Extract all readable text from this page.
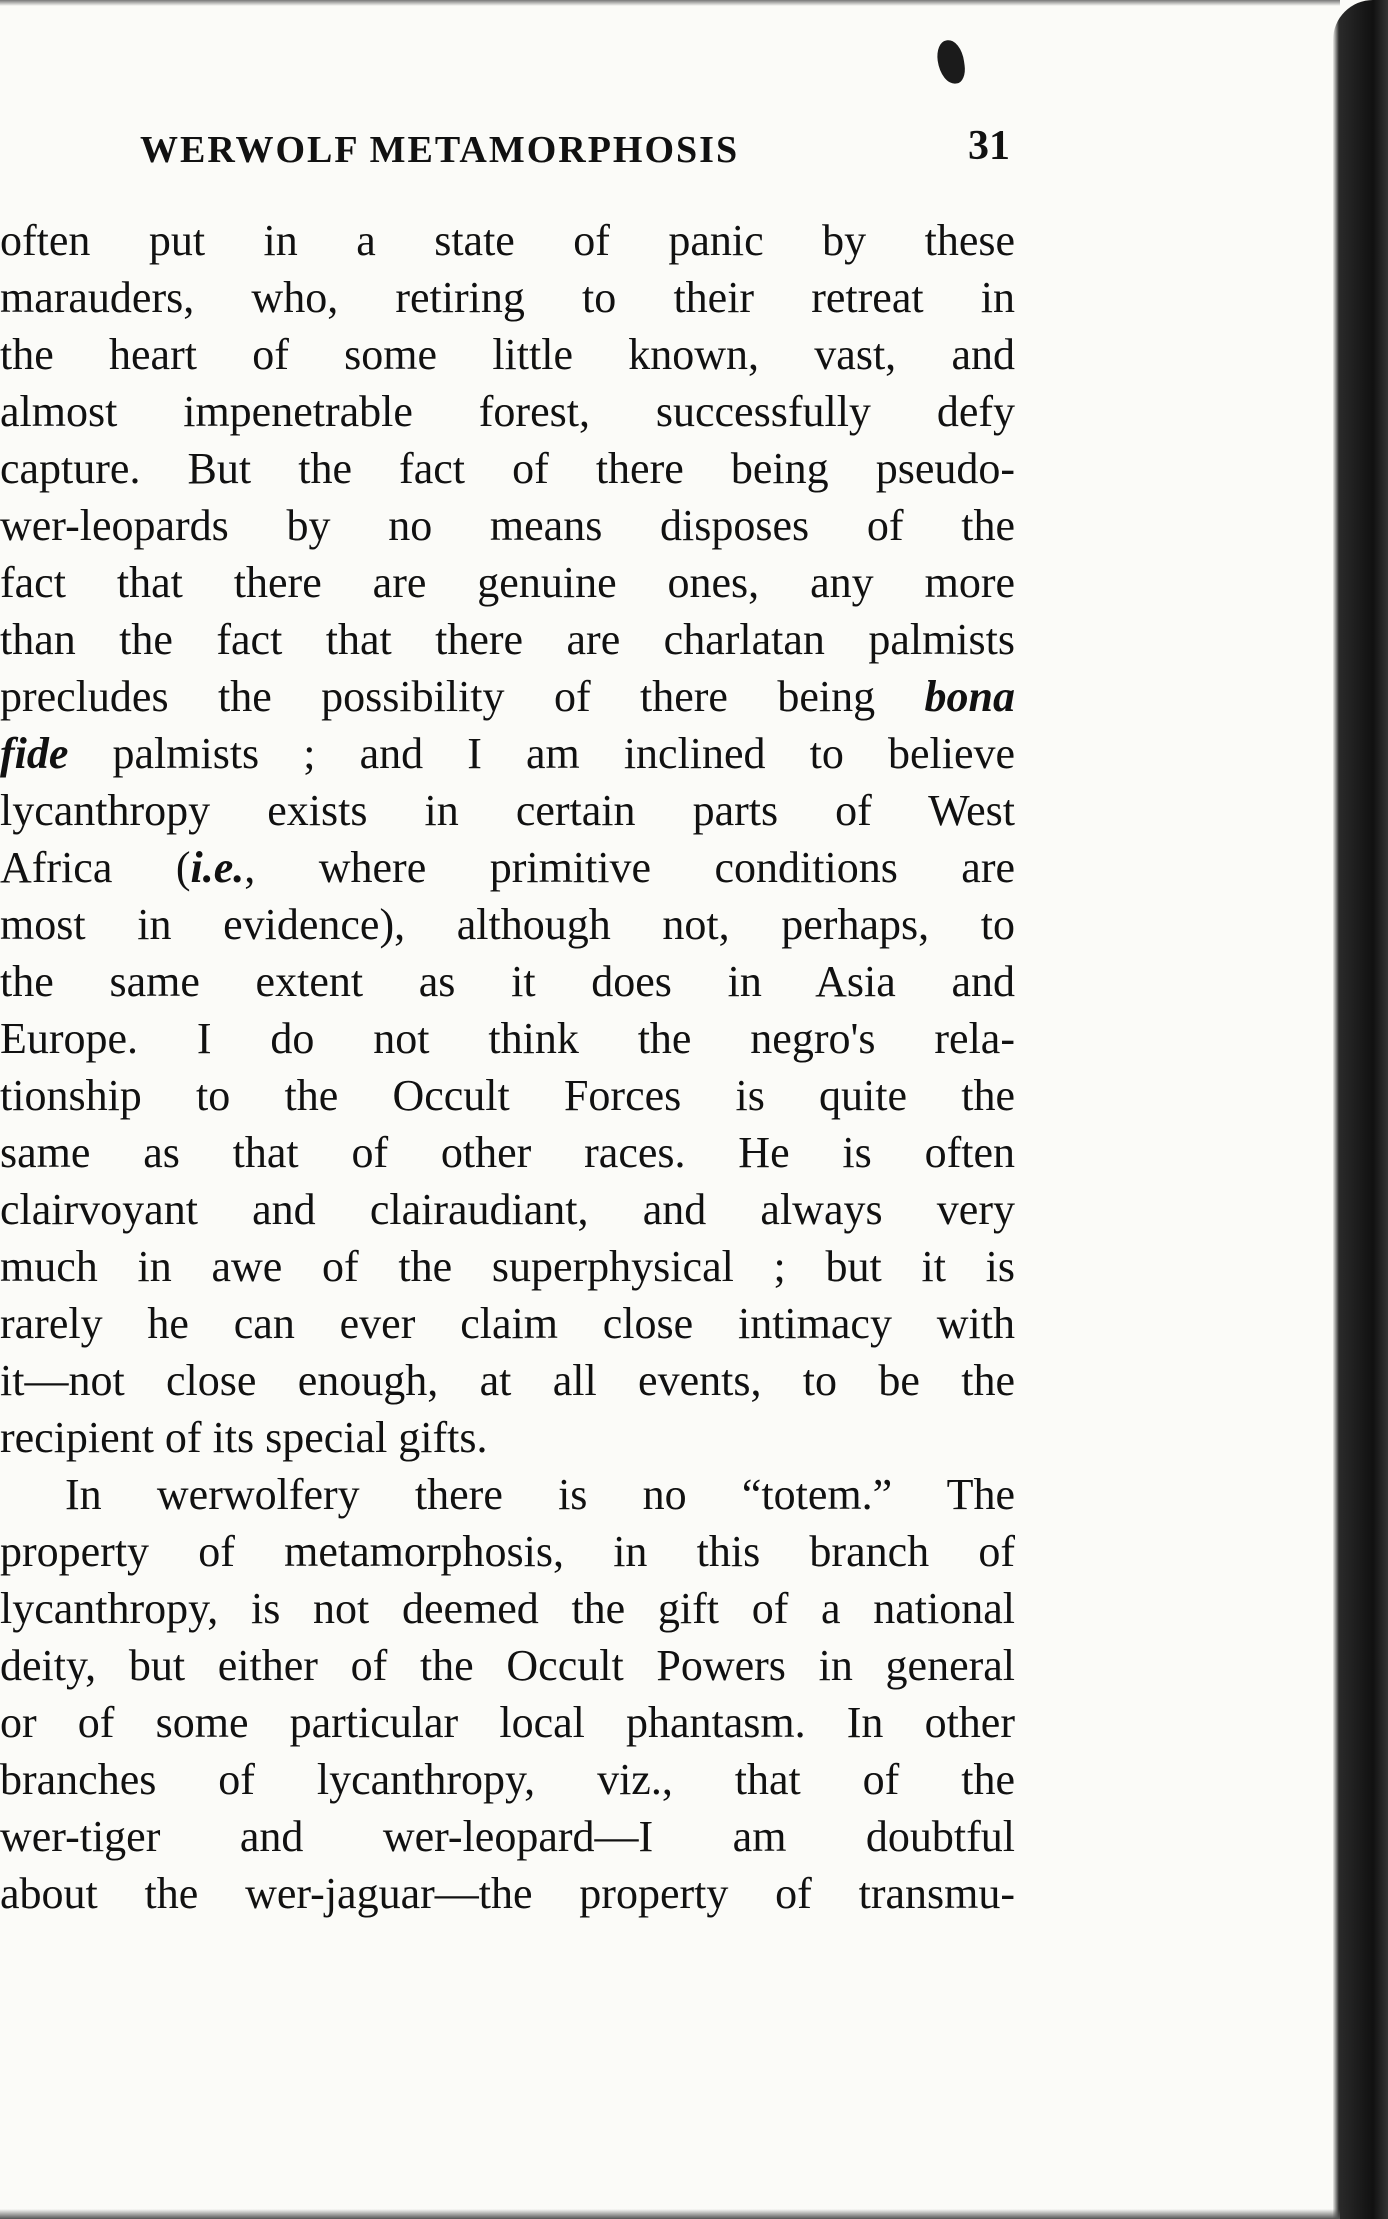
WERWOLF METAMORPHOSIS	31
often put in a state of panic by these
marauders, who, retiring to their retreat in
the heart of some little known, vast, and
almost impenetrable forest, successfully defy
capture. But the fact of there being pseudo-
wer-leopards by no means disposes of the
fact that there are genuine ones, any more
than the fact that there are charlatan palmists
precludes the possibility of there being bona
fide palmists ; and I am inclined to believe
lycanthropy exists in certain parts of West
Africa (i.e., where primitive conditions are
most in evidence), although not, perhaps, to
the same extent as it does in Asia and
Europe. I do not think the negro's rela-
tionship to the Occult Forces is quite the
same as that of other races. He is often
clairvoyant and clairaudiant, and always very
much in awe of the superphysical ; but it is
rarely he can ever claim close intimacy with
it—not close enough, at all events, to be the
recipient of its special gifts.
In werwolfery there is no “totem.” The
property of metamorphosis, in this branch of
lycanthropy, is not deemed the gift of a national
deity, but either of the Occult Powers in general
or of some particular local phantasm. In other
branches of lycanthropy, viz., that of the
wer-tiger and wer-leopard—I am doubtful
about the wer-jaguar—the property of transmu-
